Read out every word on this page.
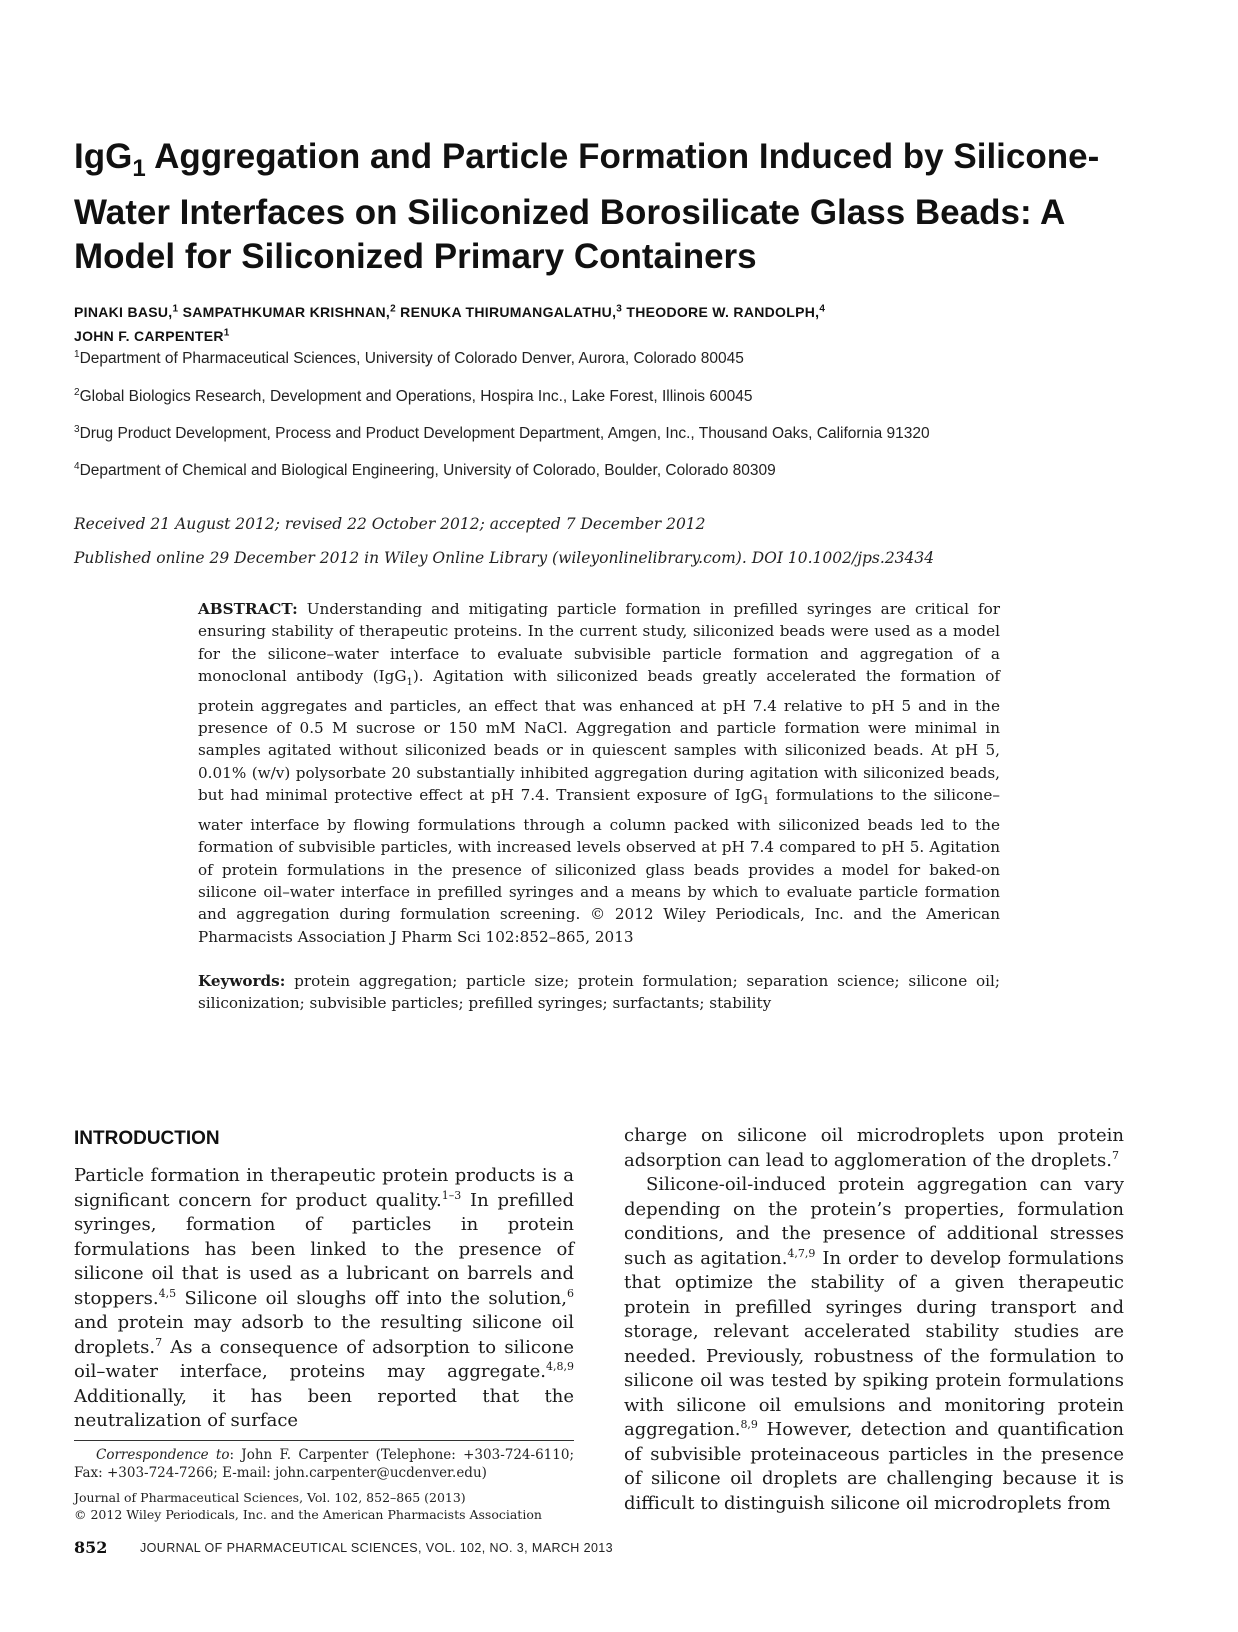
IgG$_1$ Aggregation and Particle Formation Induced by Silicone-Water Interfaces on Siliconized Borosilicate Glass Beads: A Model for Siliconized Primary Containers
PINAKI BASU,$^1$ SAMPATHKUMAR KRISHNAN,$^2$ RENUKA THIRUMANGALATHU,$^3$ THEODORE W. RANDOLPH,$^4$
JOHN F. CARPENTER$^1$
$^1$Department of Pharmaceutical Sciences, University of Colorado Denver, Aurora, Colorado 80045
$^2$Global Biologics Research, Development and Operations, Hospira Inc., Lake Forest, Illinois 60045
$^3$Drug Product Development, Process and Product Development Department, Amgen, Inc., Thousand Oaks, California 91320
$^4$Department of Chemical and Biological Engineering, University of Colorado, Boulder, Colorado 80309
Received 21 August 2012; revised 22 October 2012; accepted 7 December 2012
Published online 29 December 2012 in Wiley Online Library (wileyonlinelibrary.com). DOI 10.1002/jps.23434
ABSTRACT: Understanding and mitigating particle formation in prefilled syringes are critical for ensuring stability of therapeutic proteins. In the current study, siliconized beads were used as a model for the silicone–water interface to evaluate subvisible particle formation and aggregation of a monoclonal antibody (IgG$_1$). Agitation with siliconized beads greatly accelerated the formation of protein aggregates and particles, an effect that was enhanced at pH 7.4 relative to pH 5 and in the presence of 0.5 M sucrose or 150 mM NaCl. Aggregation and particle formation were minimal in samples agitated without siliconized beads or in quiescent samples with siliconized beads. At pH 5, 0.01% (w/v) polysorbate 20 substantially inhibited aggregation during agitation with siliconized beads, but had minimal protective effect at pH 7.4. Transient exposure of IgG$_1$ formulations to the silicone–water interface by flowing formulations through a column packed with siliconized beads led to the formation of subvisible particles, with increased levels observed at pH 7.4 compared to pH 5. Agitation of protein formulations in the presence of siliconized glass beads provides a model for baked-on silicone oil–water interface in prefilled syringes and a means by which to evaluate particle formation and aggregation during formulation screening. © 2012 Wiley Periodicals, Inc. and the American Pharmacists Association J Pharm Sci 102:852–865, 2013
Keywords: protein aggregation; particle size; protein formulation; separation science; silicone oil; siliconization; subvisible particles; prefilled syringes; surfactants; stability
INTRODUCTION

Particle formation in therapeutic protein products is a significant concern for product quality.$^{1-3}$ In prefilled syringes, formation of particles in protein formulations has been linked to the presence of silicone oil that is used as a lubricant on barrels and stoppers.$^{4,5}$ Silicone oil sloughs off into the solution,$^6$ and protein may adsorb to the resulting silicone oil droplets.$^7$ As a consequence of adsorption to silicone oil–water interface, proteins may aggregate.$^{4,8,9}$ Additionally, it has been reported that the neutralization of surface

charge on silicone oil microdroplets upon protein adsorption can lead to agglomeration of the droplets.$^7$

Silicone-oil-induced protein aggregation can vary depending on the protein’s properties, formulation conditions, and the presence of additional stresses such as agitation.$^{4,7,9}$ In order to develop formulations that optimize the stability of a given therapeutic protein in prefilled syringes during transport and storage, relevant accelerated stability studies are needed. Previously, robustness of the formulation to silicone oil was tested by spiking protein formulations with silicone oil emulsions and monitoring protein aggregation.$^{8,9}$ However, detection and quantification of subvisible proteinaceous particles in the presence of silicone oil droplets are challenging because it is difficult to distinguish silicone oil microdroplets from

Correspondence to: John F. Carpenter (Telephone: +303-724-6110; Fax: +303-724-7266; E-mail: john.carpenter@ucdenver.edu)
Journal of Pharmaceutical Sciences, Vol. 102, 852–865 (2013)
© 2012 Wiley Periodicals, Inc. and the American Pharmacists Association
852	JOURNAL OF PHARMACEUTICAL SCIENCES, VOL. 102, NO. 3, MARCH 2013
